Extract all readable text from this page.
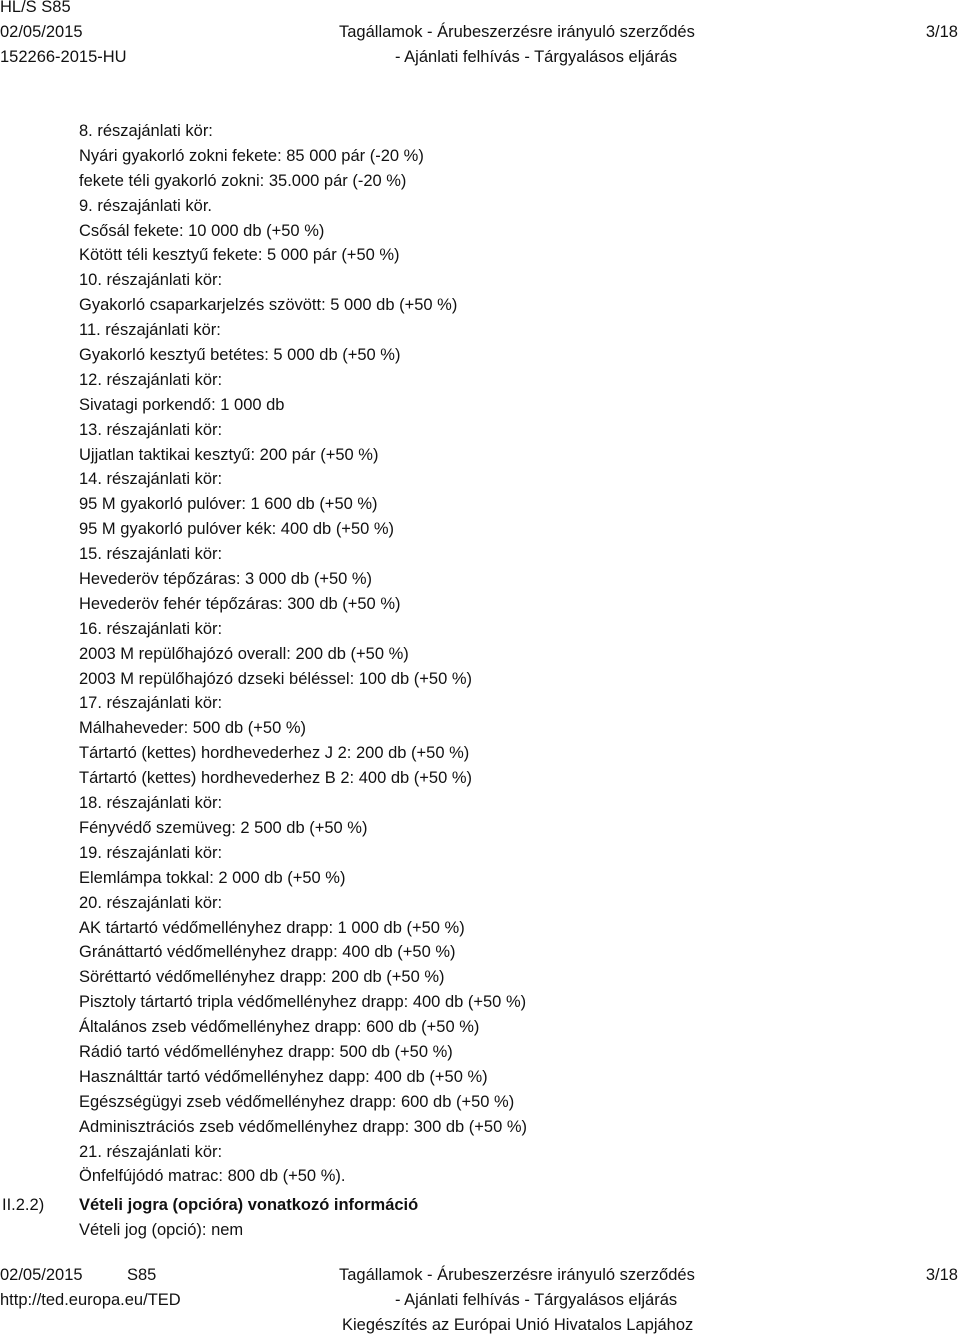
HL/S S85
02/05/2015
152266-2015-HU
Tagállamok - Árubeszerzésre irányuló szerződés
- Ajánlati felhívás - Tárgyalásos eljárás
3/18
8. részajánlati kör:
Nyári gyakorló zokni fekete: 85 000 pár (-20 %)
fekete téli gyakorló zokni: 35.000 pár (-20 %)
9. részajánlati kör.
Csősál fekete: 10 000 db (+50 %)
Kötött téli kesztyű fekete: 5 000 pár (+50 %)
10. részajánlati kör:
Gyakorló csaparkarjelzés szövött: 5 000 db (+50 %)
11. részajánlati kör:
Gyakorló kesztyű betétes: 5 000 db (+50 %)
12. részajánlati kör:
Sivatagi porkendő: 1 000 db
13. részajánlati kör:
Ujjatlan taktikai kesztyű: 200 pár (+50 %)
14. részajánlati kör:
95 M gyakorló pulóver: 1 600 db (+50 %)
95 M gyakorló pulóver kék: 400 db (+50 %)
15. részajánlati kör:
Hevederöv tépőzáras: 3 000 db (+50 %)
Hevederöv fehér tépőzáras: 300 db (+50 %)
16. részajánlati kör:
2003 M repülőhajózó overall: 200 db (+50 %)
2003 M repülőhajózó dzseki béléssel: 100 db (+50 %)
17. részajánlati kör:
Málhaheveder: 500 db (+50 %)
Tártartó (kettes) hordhevederhez J 2: 200 db (+50 %)
Tártartó (kettes) hordhevederhez B 2: 400 db (+50 %)
18. részajánlati kör:
Fényvédő szemüveg: 2 500 db (+50 %)
19. részajánlati kör:
Elemlámpa tokkal: 2 000 db (+50 %)
20. részajánlati kör:
AK tártartó védőmellényhez drapp: 1 000 db (+50 %)
Gránáttartó védőmellényhez drapp: 400 db (+50 %)
Söréttartó védőmellényhez drapp: 200 db (+50 %)
Pisztoly tártartó tripla védőmellényhez drapp: 400 db (+50 %)
Általános zseb védőmellényhez drapp: 600 db (+50 %)
Rádió tartó védőmellényhez drapp: 500 db (+50 %)
Használttár tartó védőmellényhez dapp: 400 db (+50 %)
Egészségügyi zseb védőmellényhez drapp: 600 db (+50 %)
Adminisztrációs zseb védőmellényhez drapp: 300 db (+50 %)
21. részajánlati kör:
Önfelfújódó matrac: 800 db (+50 %).
II.2.2) Vételi jogra (opcióra) vonatkozó információ
Vételi jog (opció): nem
02/05/2015	S85
http://ted.europa.eu/TED
Tagállamok - Árubeszerzésre irányuló szerződés
- Ajánlati felhívás - Tárgyalásos eljárás
Kiegészítés az Európai Unió Hivatalos Lapjához
3/18
